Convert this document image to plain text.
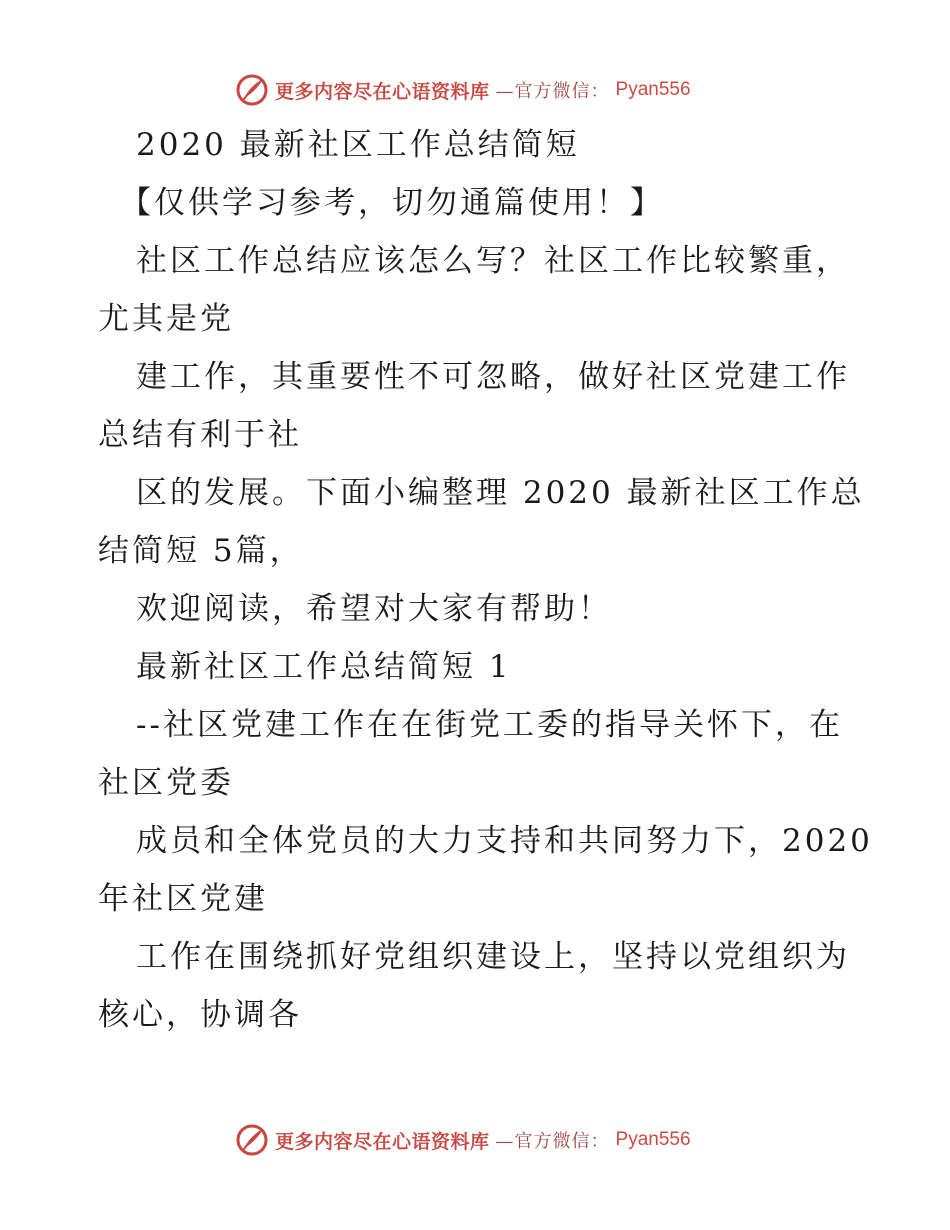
更多内容尽在心语资料库 —官方微信： Pyan556
2020 最新社区工作总结简短
【仅供学习参考，切勿通篇使用！】
社区工作总结应该怎么写？社区工作比较繁重，
尤其是党
建工作，其重要性不可忽略，做好社区党建工作
总结有利于社
区的发展。下面小编整理 2020 最新社区工作总
结简短 5篇，
欢迎阅读，希望对大家有帮助！
最新社区工作总结简短 1
--社区党建工作在在街党工委的指导关怀下，在
社区党委
成员和全体党员的大力支持和共同努力下，2020
年社区党建
工作在围绕抓好党组织建设上，坚持以党组织为
核心，协调各
更多内容尽在心语资料库 —官方微信： Pyan556
